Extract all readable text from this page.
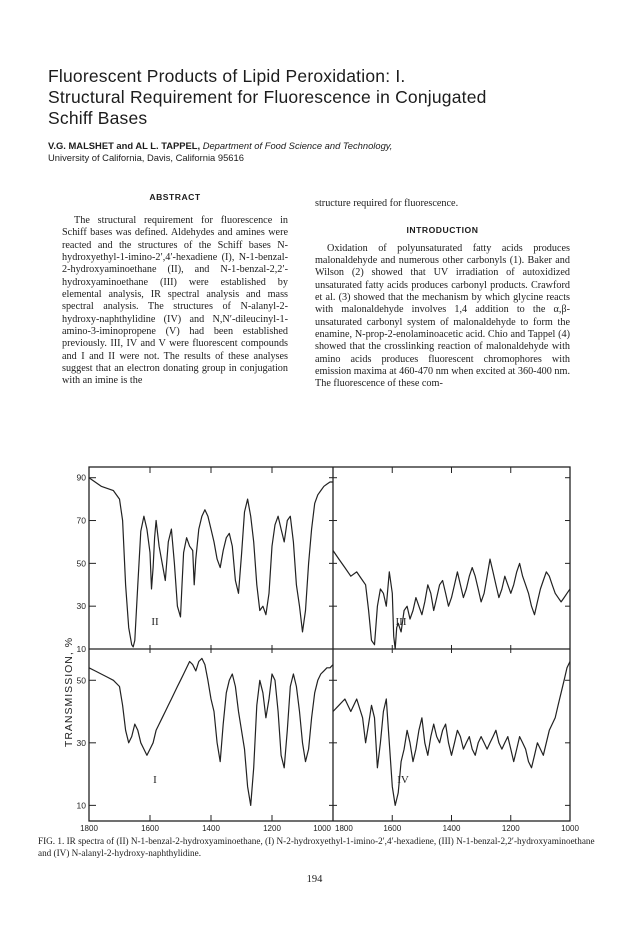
Fluorescent Products of Lipid Peroxidation: I.
Structural Requirement for Fluorescence in Conjugated
Schiff Bases
V.G. MALSHET and AL L. TAPPEL, Department of Food Science and Technology,
University of California, Davis, California 95616
ABSTRACT

The structural requirement for fluorescence in Schiff bases was defined. Aldehydes and amines were reacted and the structures of the Schiff bases N-hydroxyethyl-1-imino-2′,4′-hexadiene (I), N-1-benzal-2-hydroxyaminoethane (II), and N-1-benzal-2,2′-hydroxyaminoethane (III) were established by elemental analysis, IR spectral analysis and mass spectral analysis. The structures of N-alanyl-2-hydroxy-naphthylidine (IV) and N,N′-dileucinyl-1-amino-3-iminopropene (V) had been established previously. III, IV and V were fluorescent compounds and I and II were not. The results of these analyses suggest that an electron donating group in conjugation with an imine is the

structure required for fluorescence.

INTRODUCTION

Oxidation of polyunsaturated fatty acids produces malonaldehyde and numerous other carbonyls (1). Baker and Wilson (2) showed that UV irradiation of autoxidized unsaturated fatty acids produces carbonyl products. Crawford et al. (3) showed that the mechanism by which glycine reacts with malonaldehyde involves 1,4 addition to the α,β-unsaturated carbonyl system of malonaldehyde to form the enamine, N-prop-2-enolaminoacetic acid. Chio and Tappel (4) showed that the crosslinking reaction of malonaldehyde with amino acids produces fluorescent chromophores with emission maxima at 460-470 nm when excited at 360-400 nm. The fluorescence of these com-

90
70
50
30
10
50
30
10
1800	1600	1400	1200	1000 1800	1600	1400	1200	1000
TRANSMISSION, %
II	III
I	IV
FIG. 1. IR spectra of (II) N-1-benzal-2-hydroxyaminoethane, (I) N-2-hydroxyethyl-1-imino-2′,4′-hexadiene, (III) N-1-benzal-2,2′-hydroxyaminoethane and (IV) N-alanyl-2-hydroxy-naphthylidine.
194
